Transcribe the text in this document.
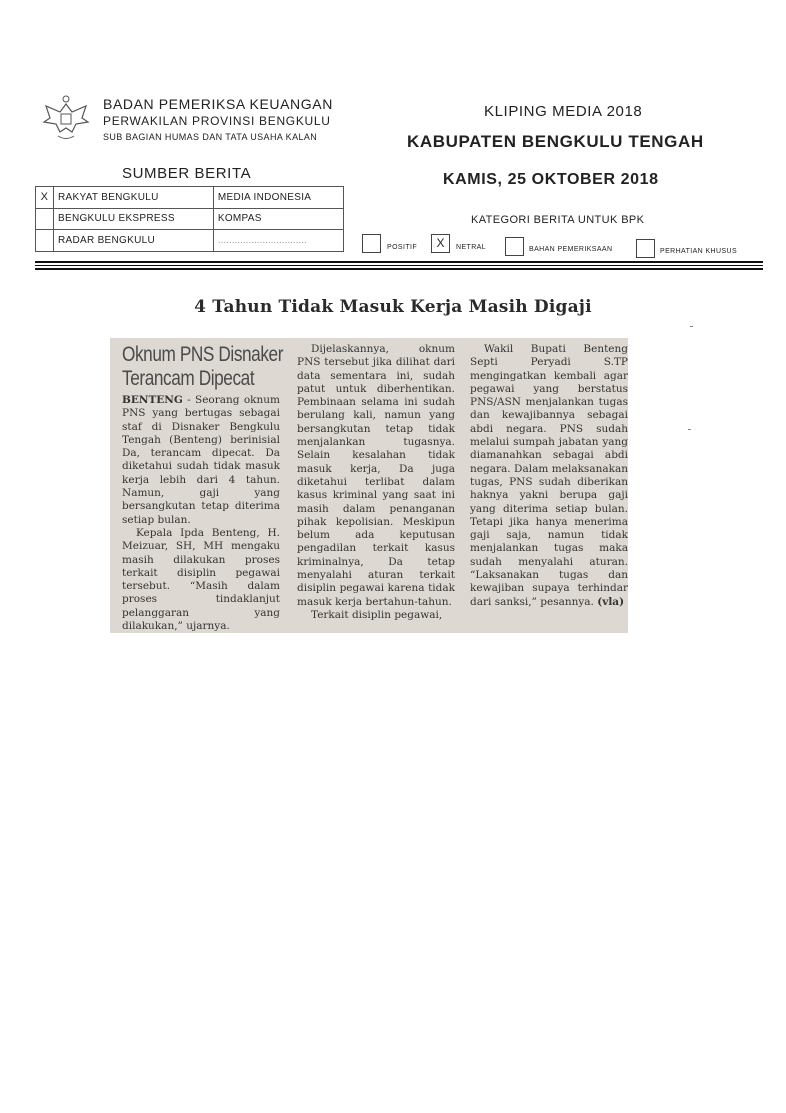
BADAN PEMERIKSA KEUANGAN
PERWAKILAN PROVINSI BENGKULU
SUB BAGIAN HUMAS DAN TATA USAHA KALAN
KLIPING MEDIA 2018
KABUPATEN BENGKULU TENGAH
KAMIS, 25 OKTOBER 2018
SUMBER BERITA
X	RAKYAT BENGKULU	MEDIA INDONESIA
	BENGKULU EKSPRESS	KOMPAS
	RADAR BENGKULU	................................
KATEGORI BERITA UNTUK BPK
POSITIF	X	NETRAL	BAHAN PEMERIKSAAN	PERHATIAN KHUSUS
4 Tahun Tidak Masuk Kerja Masih Digaji
Oknum PNS Disnaker
Terancam Dipecat

BENTENG - Seorang oknum PNS yang bertugas sebagai staf di Disnaker Bengkulu Tengah (Benteng) berinisial Da, terancam dipecat. Da diketahui sudah tidak masuk kerja lebih dari 4 tahun. Namun, gaji yang bersangkutan tetap diterima setiap bulan.

Kepala Ipda Benteng, H. Meizuar, SH, MH mengaku masih dilakukan proses terkait disiplin pegawai tersebut. “Masih dalam proses tindaklanjut pelanggaran yang dilakukan,” ujarnya.

Dijelaskannya, oknum PNS tersebut jika dilihat dari data sementara ini, sudah patut untuk diberhentikan. Pembinaan selama ini sudah berulang kali, namun yang bersangkutan tetap tidak menjalankan tugasnya. Selain kesalahan tidak masuk kerja, Da juga diketahui terlibat dalam kasus kriminal yang saat ini masih dalam penanganan pihak kepolisian. Meskipun belum ada keputusan pengadilan terkait kasus kriminalnya, Da tetap menyalahi aturan terkait disiplin pegawai karena tidak masuk kerja bertahun-tahun.

Terkait disiplin pegawai,

Wakil Bupati Benteng Septi Peryadi S.TP mengingatkan kembali agar pegawai yang berstatus PNS/ASN menjalankan tugas dan kewajibannya sebagai abdi negara. PNS sudah melalui sumpah jabatan yang diamanahkan sebagai abdi negara. Dalam melaksanakan tugas, PNS sudah diberikan haknya yakni berupa gaji yang diterima setiap bulan. Tetapi jika hanya menerima gaji saja, namun tidak menjalankan tugas maka sudah menyalahi aturan. “Laksanakan tugas dan kewajiban supaya terhindar dari sanksi,” pesannya. (vla)
